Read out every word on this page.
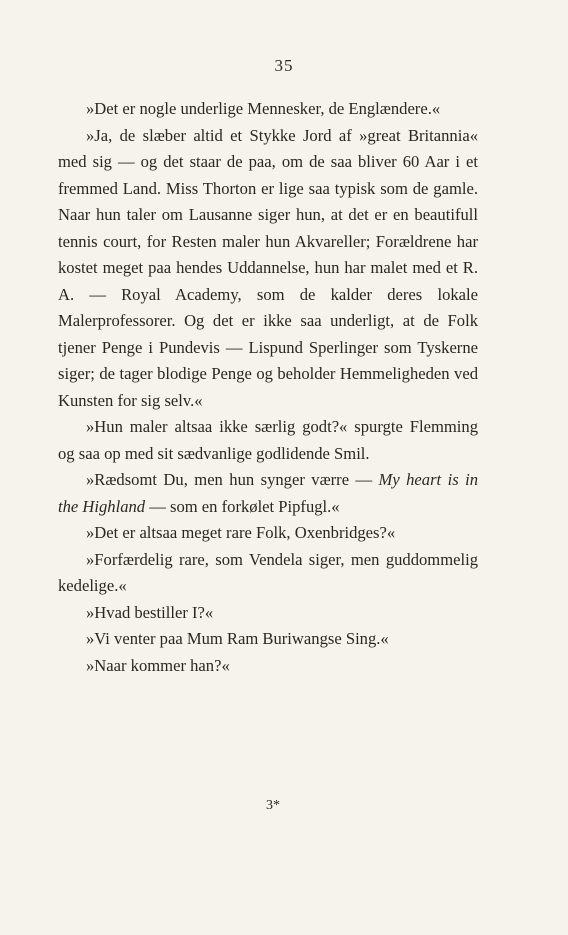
35

»Det er nogle underlige Mennesker, de Englændere.«

»Ja, de slæber altid et Stykke Jord af »great Britannia« med sig — og det staar de paa, om de saa bliver 60 Aar i et fremmed Land. Miss Thorton er lige saa typisk som de gamle. Naar hun taler om Lausanne siger hun, at det er en beautifull tennis court, for Resten maler hun Akvareller; Forældrene har kostet meget paa hendes Uddannelse, hun har malet med et R. A. — Royal Academy, som de kalder deres lokale Malerprofessorer. Og det er ikke saa underligt, at de Folk tjener Penge i Pundevis — Lispund Sperlinger som Tyskerne siger; de tager blodige Penge og beholder Hemmeligheden ved Kunsten for sig selv.«

»Hun maler altsaa ikke særlig godt?« spurgte Flemming og saa op med sit sædvanlige godlidende Smil.

»Rædsomt Du, men hun synger værre — My heart is in the Highland — som en forkølet Pipfugl.«

»Det er altsaa meget rare Folk, Oxenbridges?«

»Forfærdelig rare, som Vendela siger, men guddommelig kedelige.«

»Hvad bestiller I?«

»Vi venter paa Mum Ram Buriwangse Sing.«

»Naar kommer han?«

3*
